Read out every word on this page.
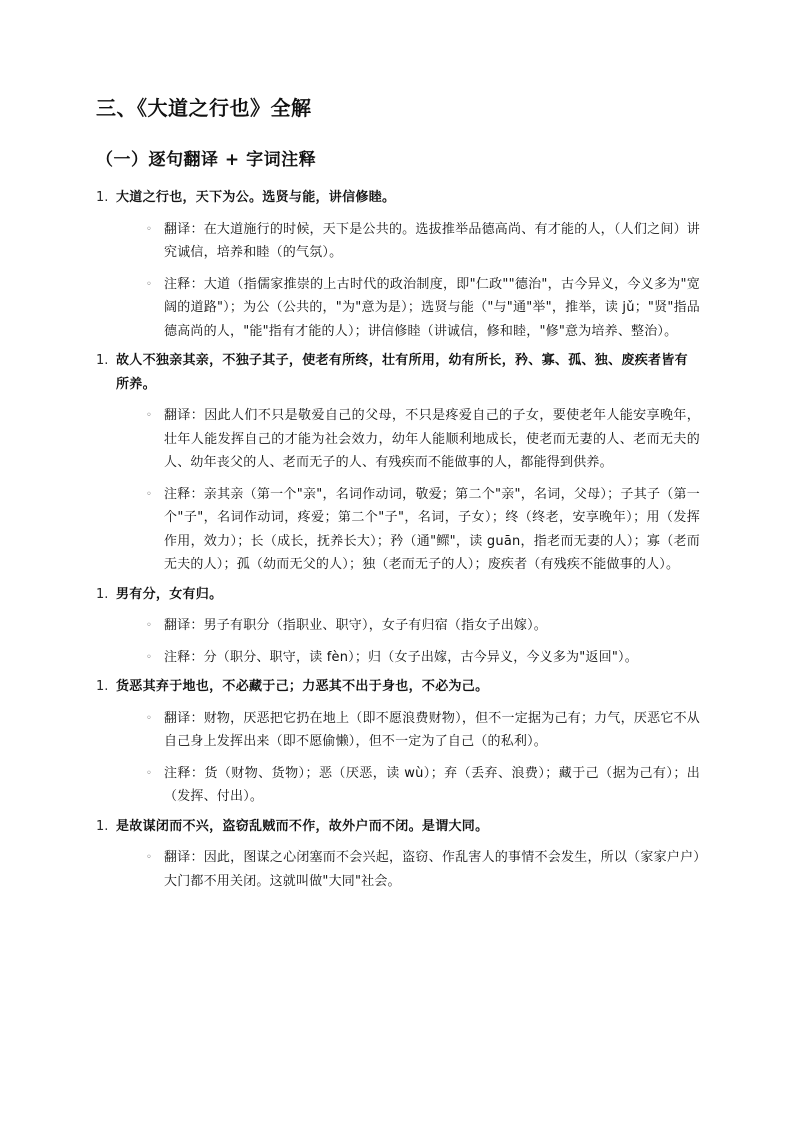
三、《大道之行也》全解
（一）逐句翻译 + 字词注释
1. 大道之行也，天下为公。选贤与能，讲信修睦。
◦ 翻译：在大道施行的时候，天下是公共的。选拔推举品德高尚、有才能的人，（人们之间）讲究诚信，培养和睦（的气氛）。
◦ 注释：大道（指儒家推崇的上古时代的政治制度，即"仁政""德治"，古今异义，今义多为"宽阔的道路"）；为公（公共的，"为"意为是）；选贤与能（"与"通"举"，推举，读 jǔ；"贤"指品德高尚的人，"能"指有才能的人）；讲信修睦（讲诚信，修和睦，"修"意为培养、整治）。
1. 故人不独亲其亲，不独子其子，使老有所终，壮有所用，幼有所长，矜、寡、孤、独、废疾者皆有所养。
◦ 翻译：因此人们不只是敬爱自己的父母，不只是疼爱自己的子女，要使老年人能安享晚年，壮年人能发挥自己的才能为社会效力，幼年人能顺利地成长，使老而无妻的人、老而无夫的人、幼年丧父的人、老而无子的人、有残疾而不能做事的人，都能得到供养。
◦ 注释：亲其亲（第一个"亲"，名词作动词，敬爱；第二个"亲"，名词，父母）；子其子（第一个"子"，名词作动词，疼爱；第二个"子"，名词，子女）；终（终老，安享晚年）；用（发挥作用，效力）；长（成长，抚养长大）；矜（通"鳏"，读 guān，指老而无妻的人）；寡（老而无夫的人）；孤（幼而无父的人）；独（老而无子的人）；废疾者（有残疾不能做事的人）。
1. 男有分，女有归。
◦ 翻译：男子有职分（指职业、职守），女子有归宿（指女子出嫁）。
◦ 注释：分（职分、职守，读 fèn）；归（女子出嫁，古今异义，今义多为"返回"）。
1. 货恶其弃于地也，不必藏于己；力恶其不出于身也，不必为己。
◦ 翻译：财物，厌恶把它扔在地上（即不愿浪费财物），但不一定据为己有；力气，厌恶它不从自己身上发挥出来（即不愿偷懒），但不一定为了自己（的私利）。
◦ 注释：货（财物、货物）；恶（厌恶，读 wù）；弃（丢弃、浪费）；藏于己（据为己有）；出（发挥、付出）。
1. 是故谋闭而不兴，盗窃乱贼而不作，故外户而不闭。是谓大同。
◦ 翻译：因此，图谋之心闭塞而不会兴起，盗窃、作乱害人的事情不会发生，所以（家家户户）大门都不用关闭。这就叫做"大同"社会。
